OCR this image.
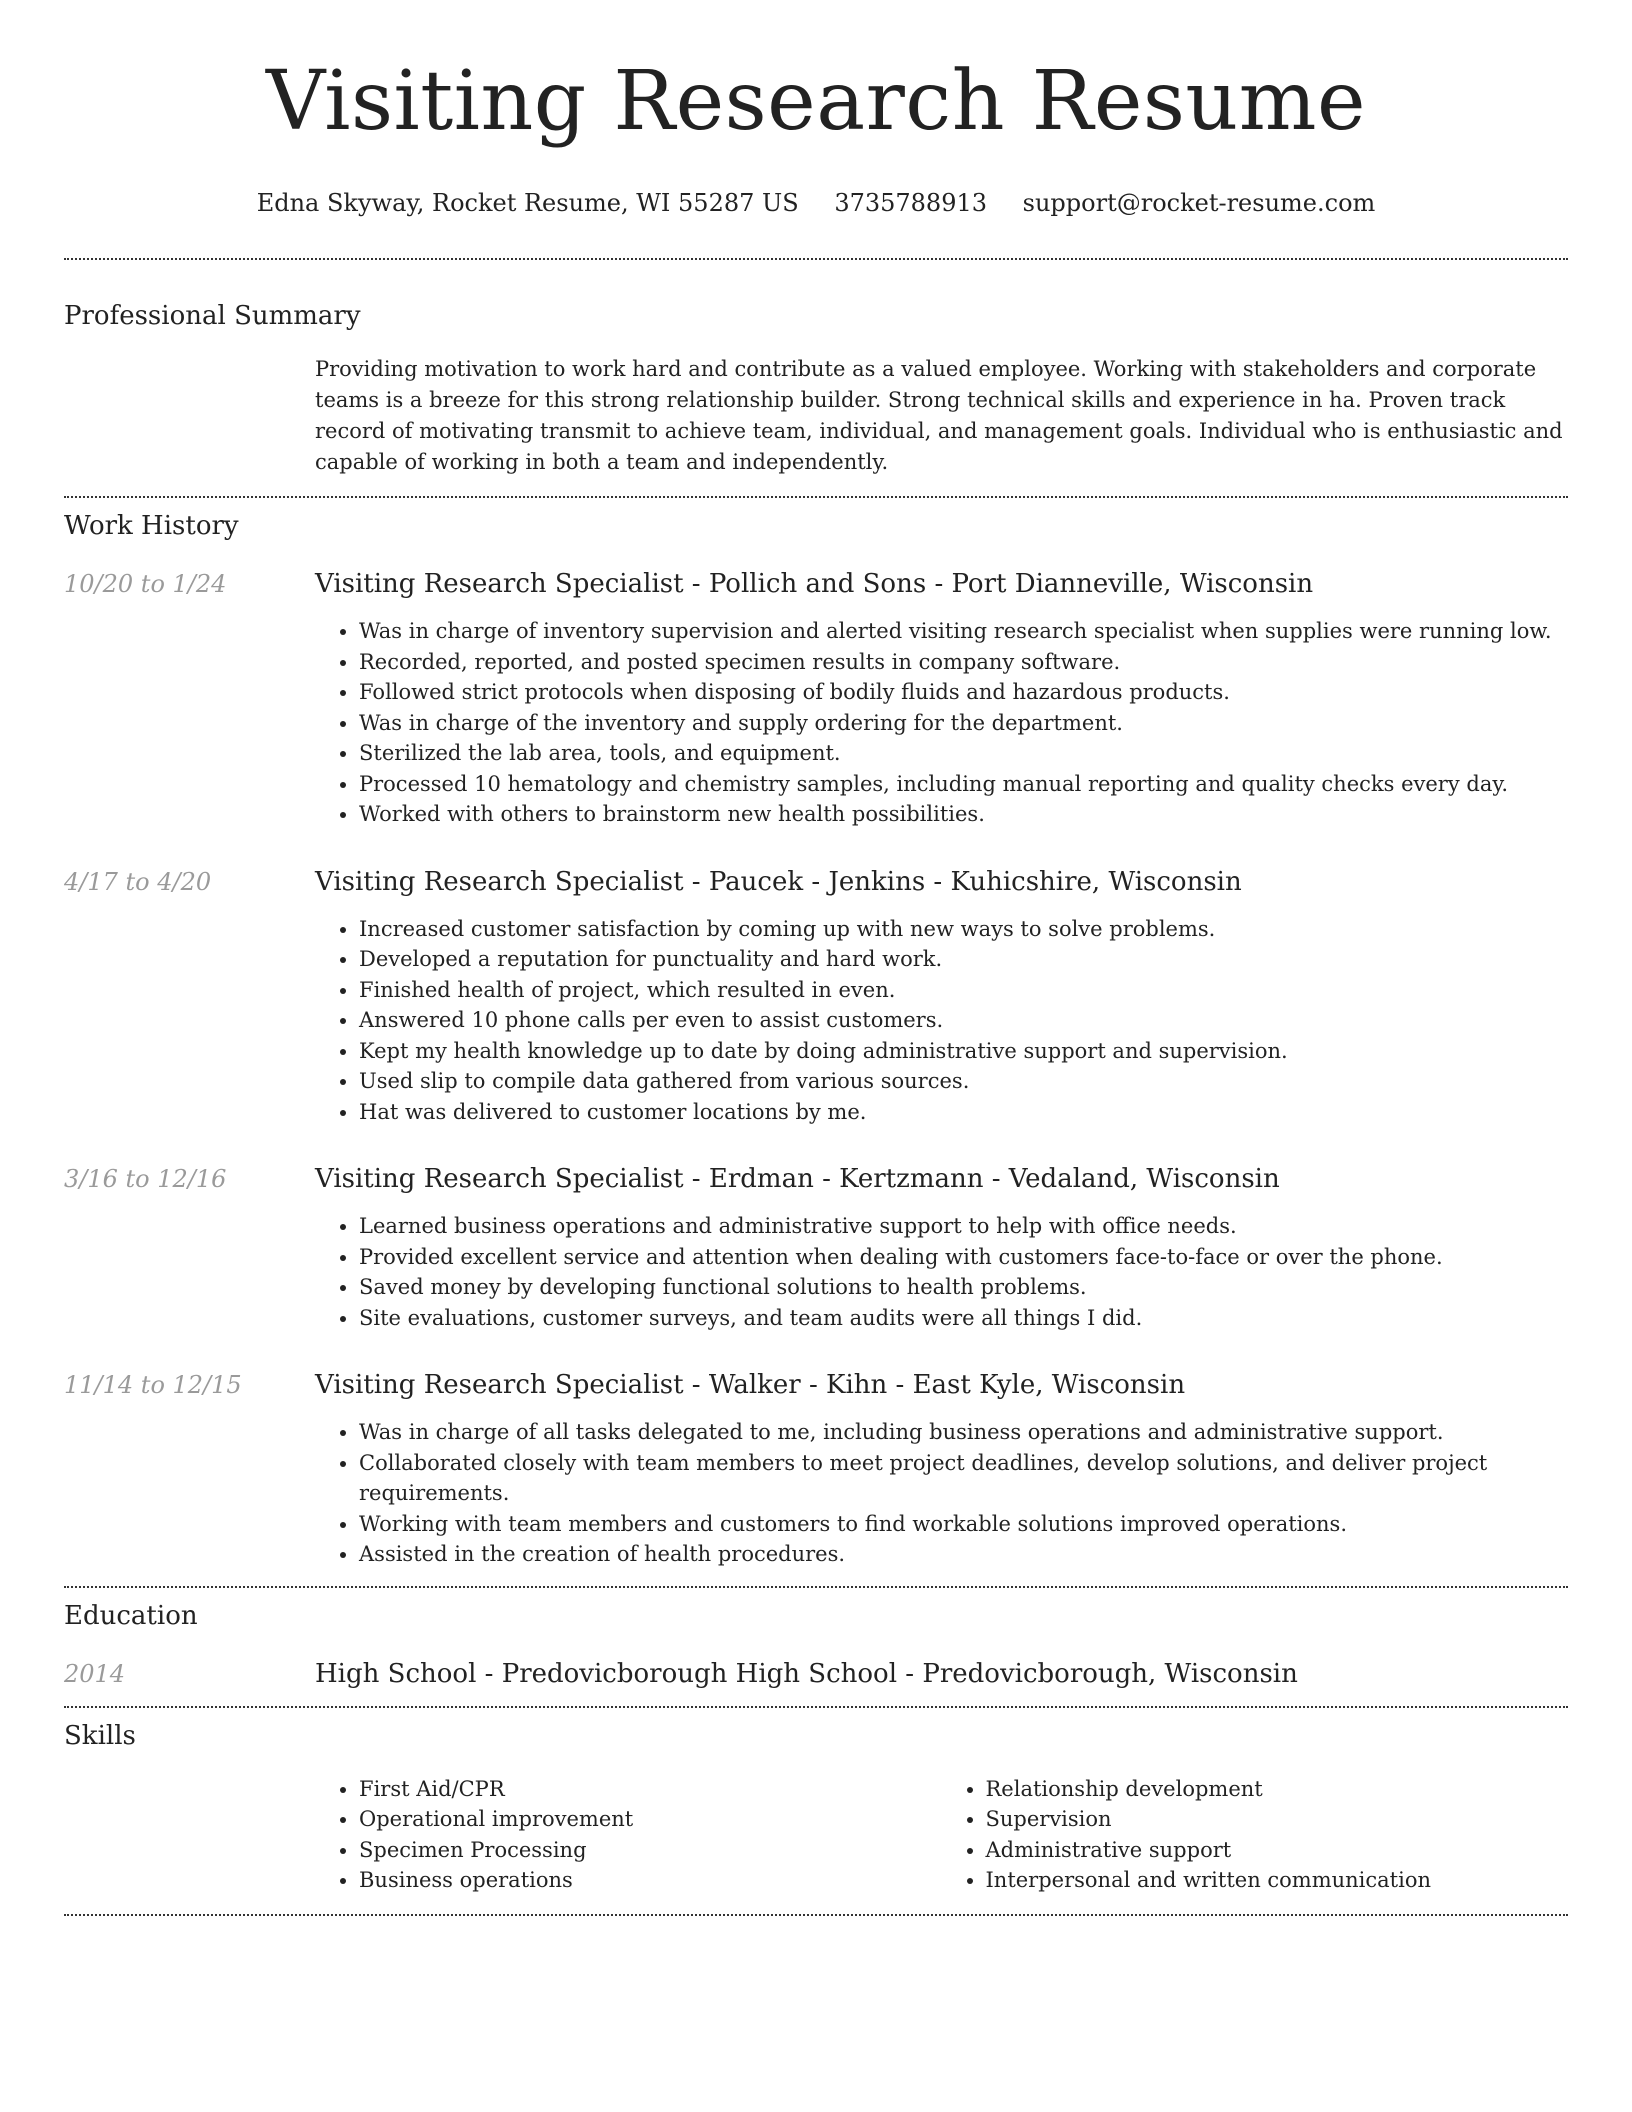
Visiting Research Resume
Edna Skyway, Rocket Resume, WI 55287 US 3735788913 support@rocket-resume.com
Professional Summary
Providing motivation to work hard and contribute as a valued employee. Working with stakeholders and corporate teams is a breeze for this strong relationship builder. Strong technical skills and experience in ha. Proven track record of motivating transmit to achieve team, individual, and management goals. Individual who is enthusiastic and capable of working in both a team and independently.
Work History
10/20 to 1/24	Visiting Research Specialist - Pollich and Sons - Port Dianneville, Wisconsin
• Was in charge of inventory supervision and alerted visiting research specialist when supplies were running low.
• Recorded, reported, and posted specimen results in company software.
• Followed strict protocols when disposing of bodily fluids and hazardous products.
• Was in charge of the inventory and supply ordering for the department.
• Sterilized the lab area, tools, and equipment.
• Processed 10 hematology and chemistry samples, including manual reporting and quality checks every day.
• Worked with others to brainstorm new health possibilities.
4/17 to 4/20	Visiting Research Specialist - Paucek - Jenkins - Kuhicshire, Wisconsin
• Increased customer satisfaction by coming up with new ways to solve problems.
• Developed a reputation for punctuality and hard work.
• Finished health of project, which resulted in even.
• Answered 10 phone calls per even to assist customers.
• Kept my health knowledge up to date by doing administrative support and supervision.
• Used slip to compile data gathered from various sources.
• Hat was delivered to customer locations by me.
3/16 to 12/16	Visiting Research Specialist - Erdman - Kertzmann - Vedaland, Wisconsin
• Learned business operations and administrative support to help with office needs.
• Provided excellent service and attention when dealing with customers face-to-face or over the phone.
• Saved money by developing functional solutions to health problems.
• Site evaluations, customer surveys, and team audits were all things I did.
11/14 to 12/15	Visiting Research Specialist - Walker - Kihn - East Kyle, Wisconsin
• Was in charge of all tasks delegated to me, including business operations and administrative support.
• Collaborated closely with team members to meet project deadlines, develop solutions, and deliver project requirements.
• Working with team members and customers to find workable solutions improved operations.
• Assisted in the creation of health procedures.
Education
2014	High School - Predovicborough High School - Predovicborough, Wisconsin
Skills
• First Aid/CPR
• Operational improvement
• Specimen Processing
• Business operations
• Relationship development
• Supervision
• Administrative support
• Interpersonal and written communication
